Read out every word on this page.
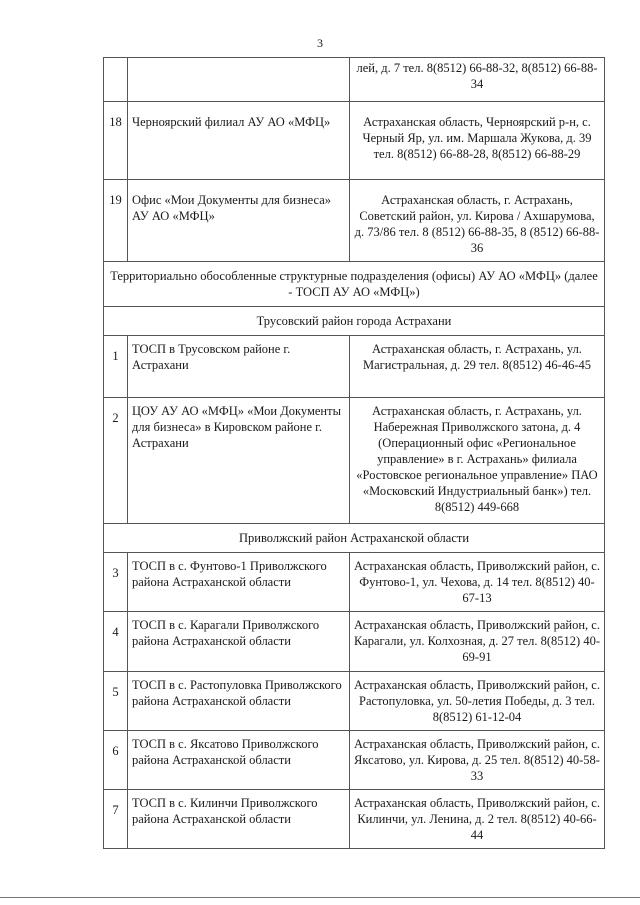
3
		лей, д. 7 тел. 8(8512) 66-88-32, 8(8512) 66-88-34
18	Черноярский филиал АУ АО «МФЦ»	Астраханская область, Черноярский р-н, с. Черный Яр, ул. им. Маршала Жукова, д. 39 тел. 8(8512) 66-88-28, 8(8512) 66-88-29
19	Офис «Мои Документы для бизнеса» АУ АО «МФЦ»	Астраханская область, г. Астрахань, Советский район, ул. Кирова / Ахшарумова, д. 73/86 тел. 8 (8512) 66-88-35, 8 (8512) 66-88-36
Территориально обособленные структурные подразделения (офисы) АУ АО «МФЦ» (далее - ТОСП АУ АО «МФЦ»)		
Трусовский район города Астрахани		
1	ТОСП в Трусовском районе г. Астрахани	Астраханская область, г. Астрахань, ул. Магистральная, д. 29 тел. 8(8512) 46-46-45
2	ЦОУ АУ АО «МФЦ» «Мои Документы для бизнеса» в Кировском районе г. Астрахани	Астраханская область, г. Астрахань, ул. Набережная Приволжского затона, д. 4 (Операционный офис «Региональное управление» в г. Астрахань» филиала «Ростовское региональное управление» ПАО «Московский Индустриальный банк») тел. 8(8512) 449-668
Приволжский район Астраханской области		
3	ТОСП в с. Фунтово-1 Приволжского района Астраханской области	Астраханская область, Приволжский район, с. Фунтово-1, ул. Чехова, д. 14 тел. 8(8512) 40-67-13
4	ТОСП в с. Карагали Приволжского района Астраханской области	Астраханская область, Приволжский район, с. Карагали, ул. Колхозная, д. 27 тел. 8(8512) 40-69-91
5	ТОСП в с. Растопуловка Приволжского района Астраханской области	Астраханская область, Приволжский район, с. Растопуловка, ул. 50-летия Победы, д. 3 тел. 8(8512) 61-12-04
6	ТОСП в с. Яксатово Приволжского района Астраханской области	Астраханская область, Приволжский район, с. Яксатово, ул. Кирова, д. 25 тел. 8(8512) 40-58-33
7	ТОСП в с. Килинчи Приволжского района Астраханской области	Астраханская область, Приволжский район, с. Килинчи, ул. Ленина, д. 2 тел. 8(8512) 40-66-44
